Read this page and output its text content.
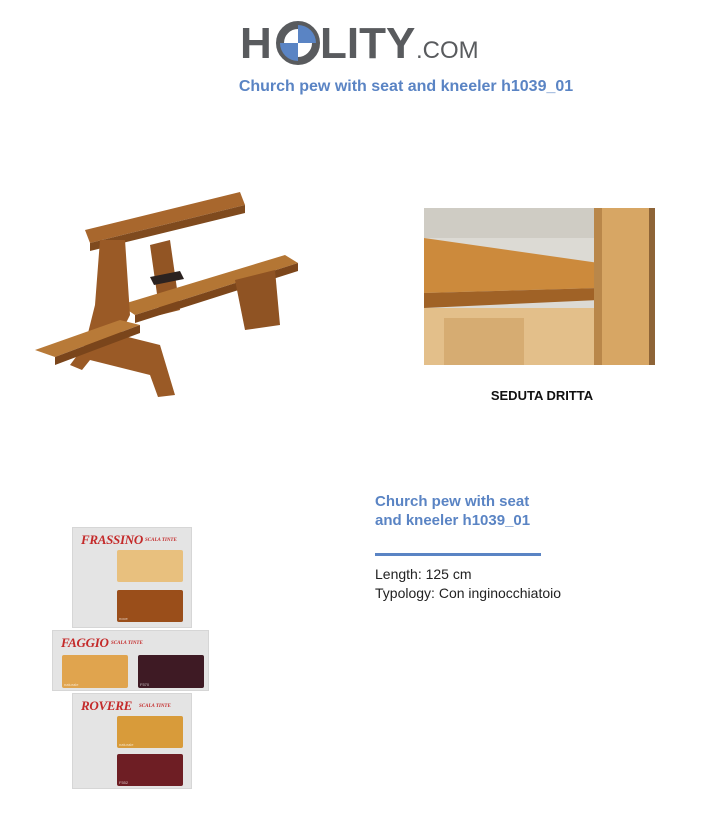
H LITY .COM
Church pew with seat and kneeler h1039_01
SEDUTA DRITTA
Church pew with seat and kneeler h1039_01
Length: 125 cm
Typology: Con inginocchiatoio
FRASSINO SCALA TINTE
noce
FAGGIO SCALA TINTE
naturale	F570
ROVERE SCALA TINTE
naturale
F552
